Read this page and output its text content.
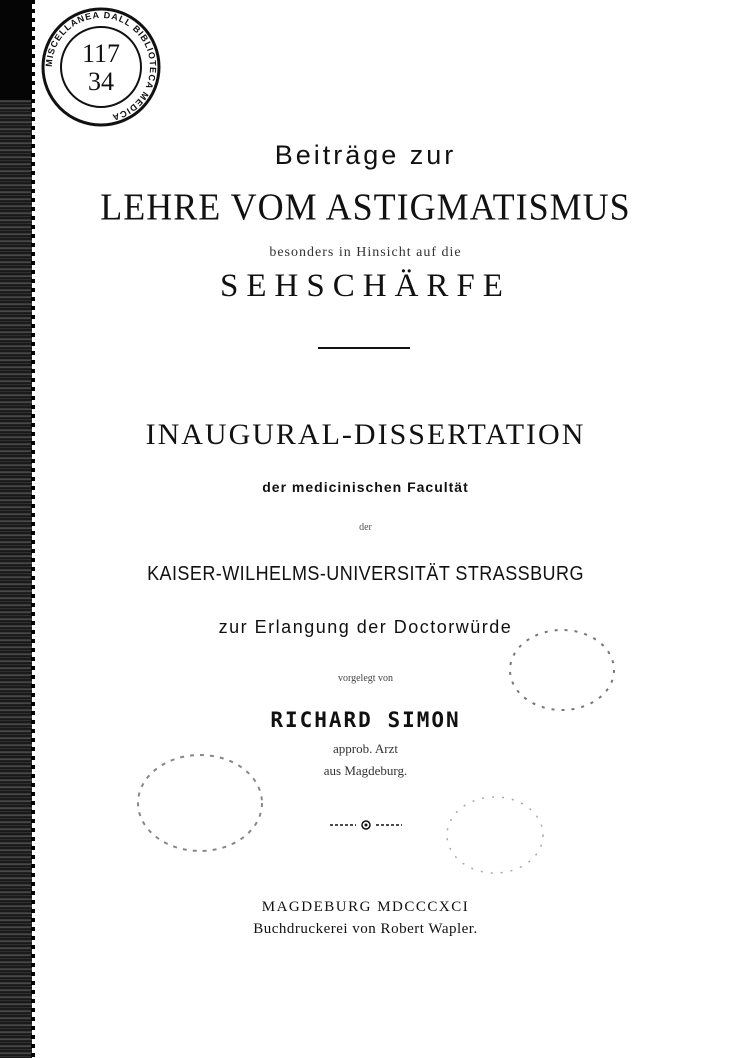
MISCELLANEA DALL BIBLIOTECA MEDICA
117
34
Beiträge zur
LEHRE VOM ASTIGMATISMUS
besonders in Hinsicht auf die
SEHSCHÄRFE
INAUGURAL-DISSERTATION
der medicinischen Facultät
der
KAISER-WILHELMS-UNIVERSITÄT STRASSBURG
zur Erlangung der Doctorwürde
vorgelegt von
RICHARD SIMON
approb. Arzt
aus Magdeburg.
MAGDEBURG MDCCCXCI
Buchdruckerei von Robert Wapler.
